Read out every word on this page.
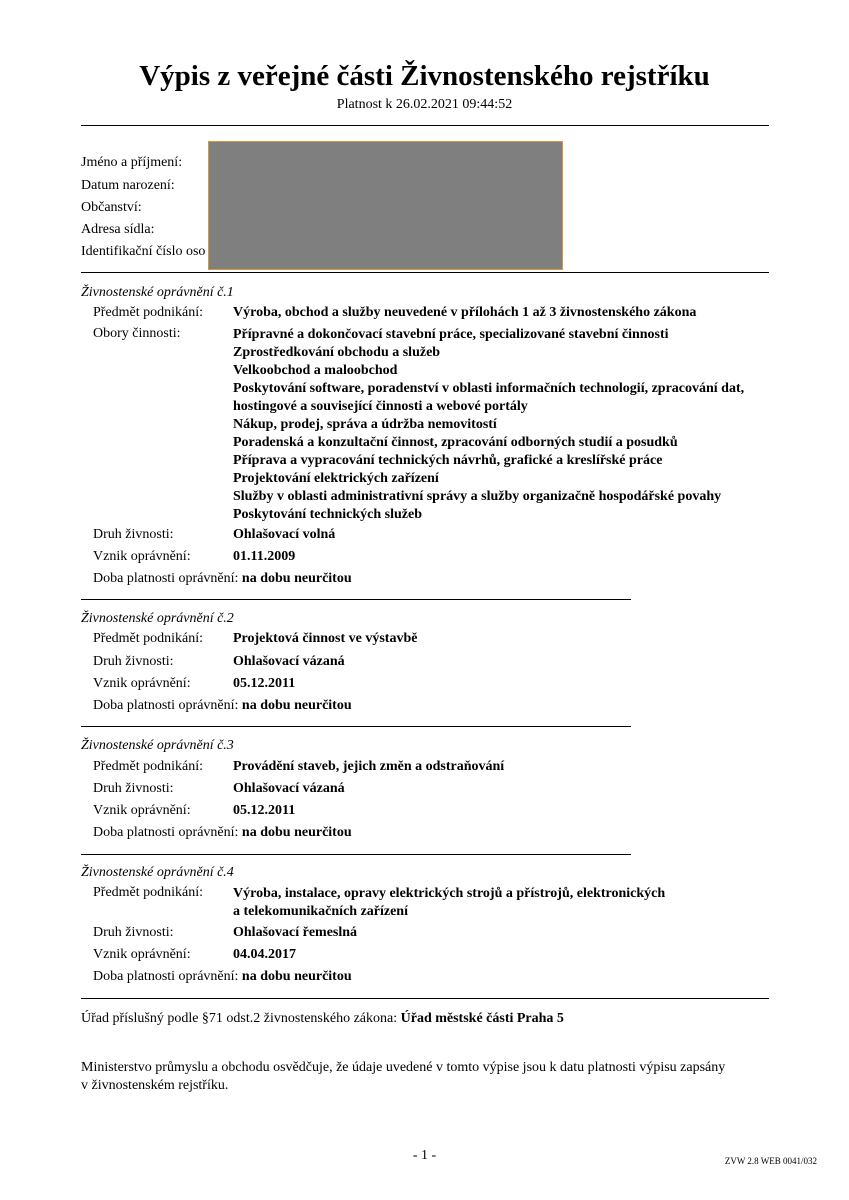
Výpis z veřejné části Živnostenského rejstříku
Platnost k 26.02.2021 09:44:52
Jméno a příjmení:
Datum narození:
Občanství:
Adresa sídla:
Identifikační číslo oso
Živnostenské oprávnění č.1
Předmět podnikání: Výroba, obchod a služby neuvedené v přílohách 1 až 3 živnostenského zákona
Obory činnosti:	Přípravné a dokončovací stavební práce, specializované stavební činnosti
Zprostředkování obchodu a služeb
Velkoobchod a maloobchod
Poskytování software, poradenství v oblasti informačních technologií, zpracování dat,
hostingové a související činnosti a webové portály
Nákup, prodej, správa a údržba nemovitostí
Poradenská a konzultační činnost, zpracování odborných studií a posudků
Příprava a vypracování technických návrhů, grafické a kreslířské práce
Projektování elektrických zařízení
Služby v oblasti administrativní správy a služby organizačně hospodářské povahy
Poskytování technických služeb
Druh živnosti:	Ohlašovací volná
Vznik oprávnění:	01.11.2009
Doba platnosti oprávnění: na dobu neurčitou
Živnostenské oprávnění č.2
Předmět podnikání: Projektová činnost ve výstavbě
Druh živnosti:	Ohlašovací vázaná
Vznik oprávnění:	05.12.2011
Doba platnosti oprávnění: na dobu neurčitou
Živnostenské oprávnění č.3
Předmět podnikání: Provádění staveb, jejich změn a odstraňování
Druh živnosti:	Ohlašovací vázaná
Vznik oprávnění:	05.12.2011
Doba platnosti oprávnění: na dobu neurčitou
Živnostenské oprávnění č.4
Předmět podnikání: Výroba, instalace, opravy elektrických strojů a přístrojů, elektronických
a telekomunikačních zařízení
Druh živnosti:	Ohlašovací řemeslná
Vznik oprávnění:	04.04.2017
Doba platnosti oprávnění: na dobu neurčitou
Úřad příslušný podle §71 odst.2 živnostenského zákona: Úřad městské části Praha 5
Ministerstvo průmyslu a obchodu osvědčuje, že údaje uvedené v tomto výpise jsou k datu platnosti výpisu zapsány
v živnostenském rejstříku.
- 1 -	ZVW 2.8 WEB 0041/032
